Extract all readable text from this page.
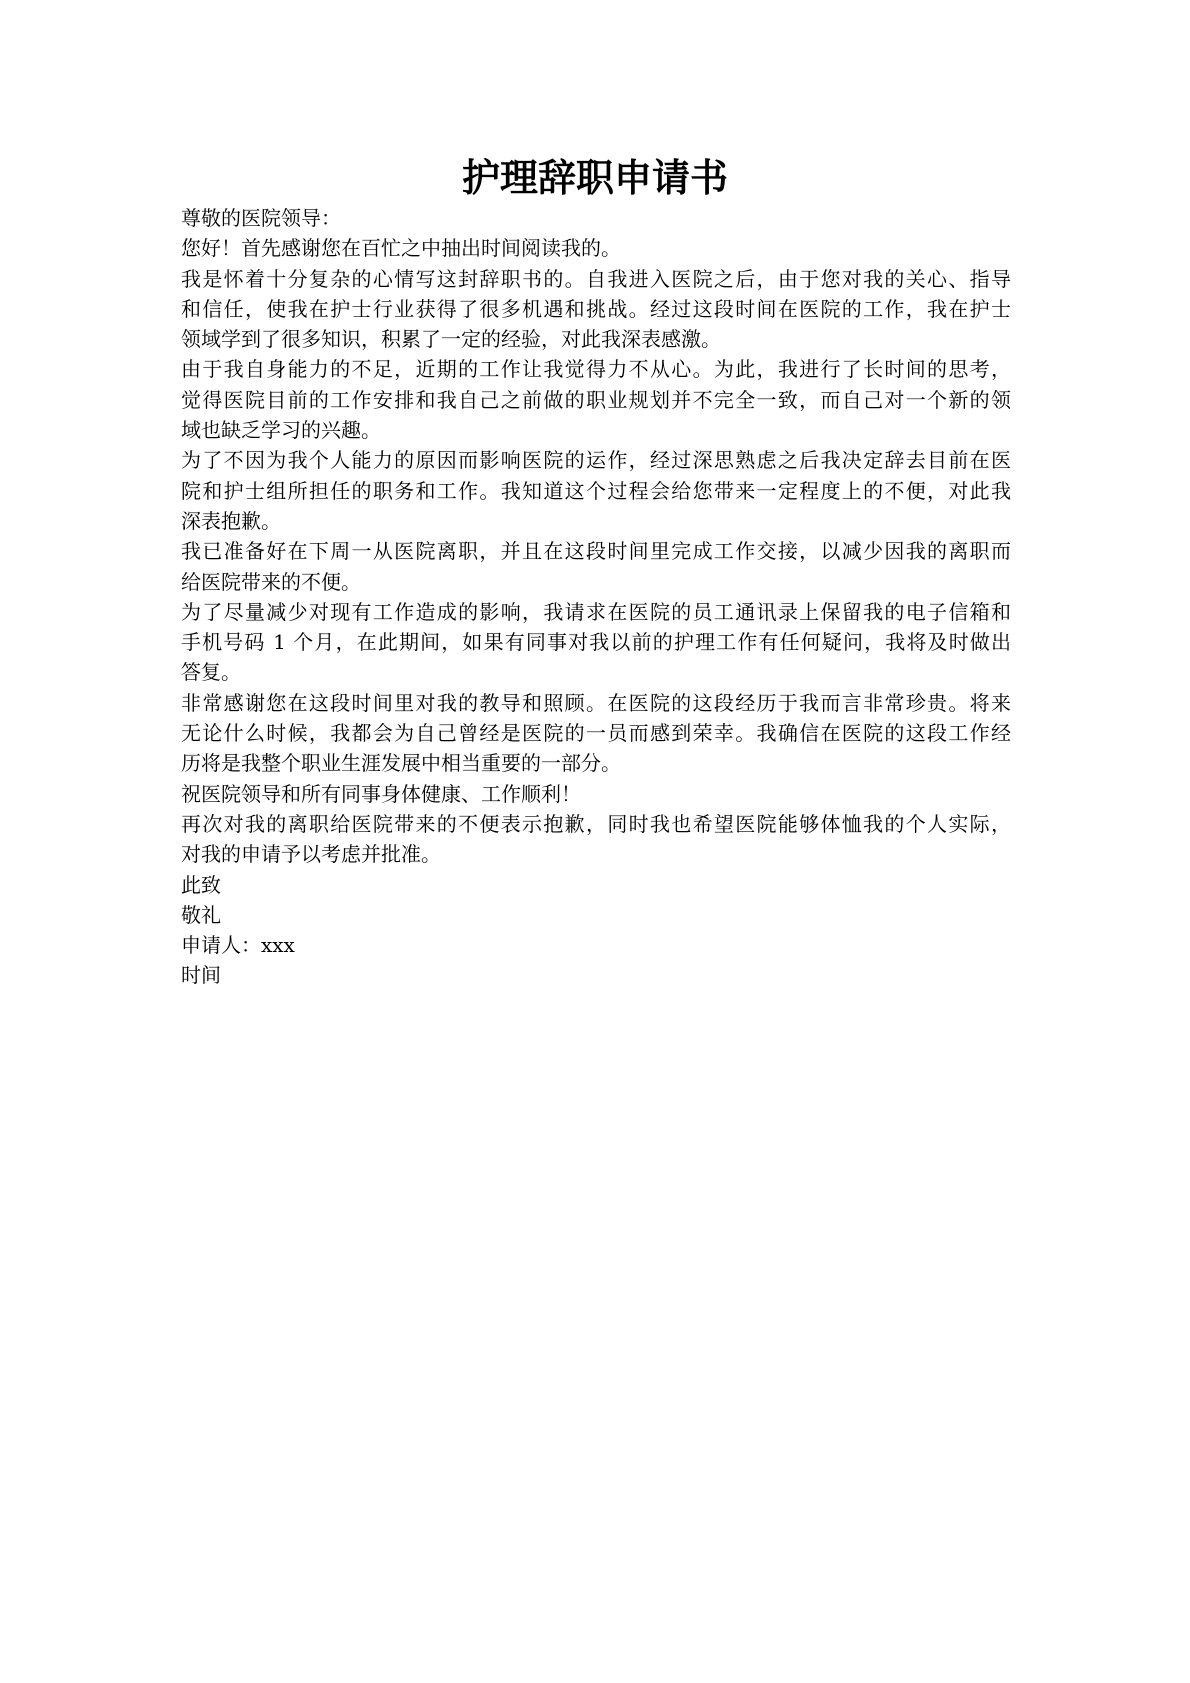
护理辞职申请书
尊敬的医院领导：
您好！首先感谢您在百忙之中抽出时间阅读我的。
我是怀着十分复杂的心情写这封辞职书的。自我进入医院之后，由于您对我的关心、指导
和信任，使我在护士行业获得了很多机遇和挑战。经过这段时间在医院的工作，我在护士
领域学到了很多知识，积累了一定的经验，对此我深表感激。
由于我自身能力的不足，近期的工作让我觉得力不从心。为此，我进行了长时间的思考，
觉得医院目前的工作安排和我自己之前做的职业规划并不完全一致，而自己对一个新的领
域也缺乏学习的兴趣。
为了不因为我个人能力的原因而影响医院的运作，经过深思熟虑之后我决定辞去目前在医
院和护士组所担任的职务和工作。我知道这个过程会给您带来一定程度上的不便，对此我
深表抱歉。
我已准备好在下周一从医院离职，并且在这段时间里完成工作交接，以减少因我的离职而
给医院带来的不便。
为了尽量减少对现有工作造成的影响，我请求在医院的员工通讯录上保留我的电子信箱和
手机号码 1 个月，在此期间，如果有同事对我以前的护理工作有任何疑问，我将及时做出
答复。
非常感谢您在这段时间里对我的教导和照顾。在医院的这段经历于我而言非常珍贵。将来
无论什么时候，我都会为自己曾经是医院的一员而感到荣幸。我确信在医院的这段工作经
历将是我整个职业生涯发展中相当重要的一部分。
祝医院领导和所有同事身体健康、工作顺利！
再次对我的离职给医院带来的不便表示抱歉，同时我也希望医院能够体恤我的个人实际，
对我的申请予以考虑并批准。
此致
敬礼
申请人：xxx
时间
